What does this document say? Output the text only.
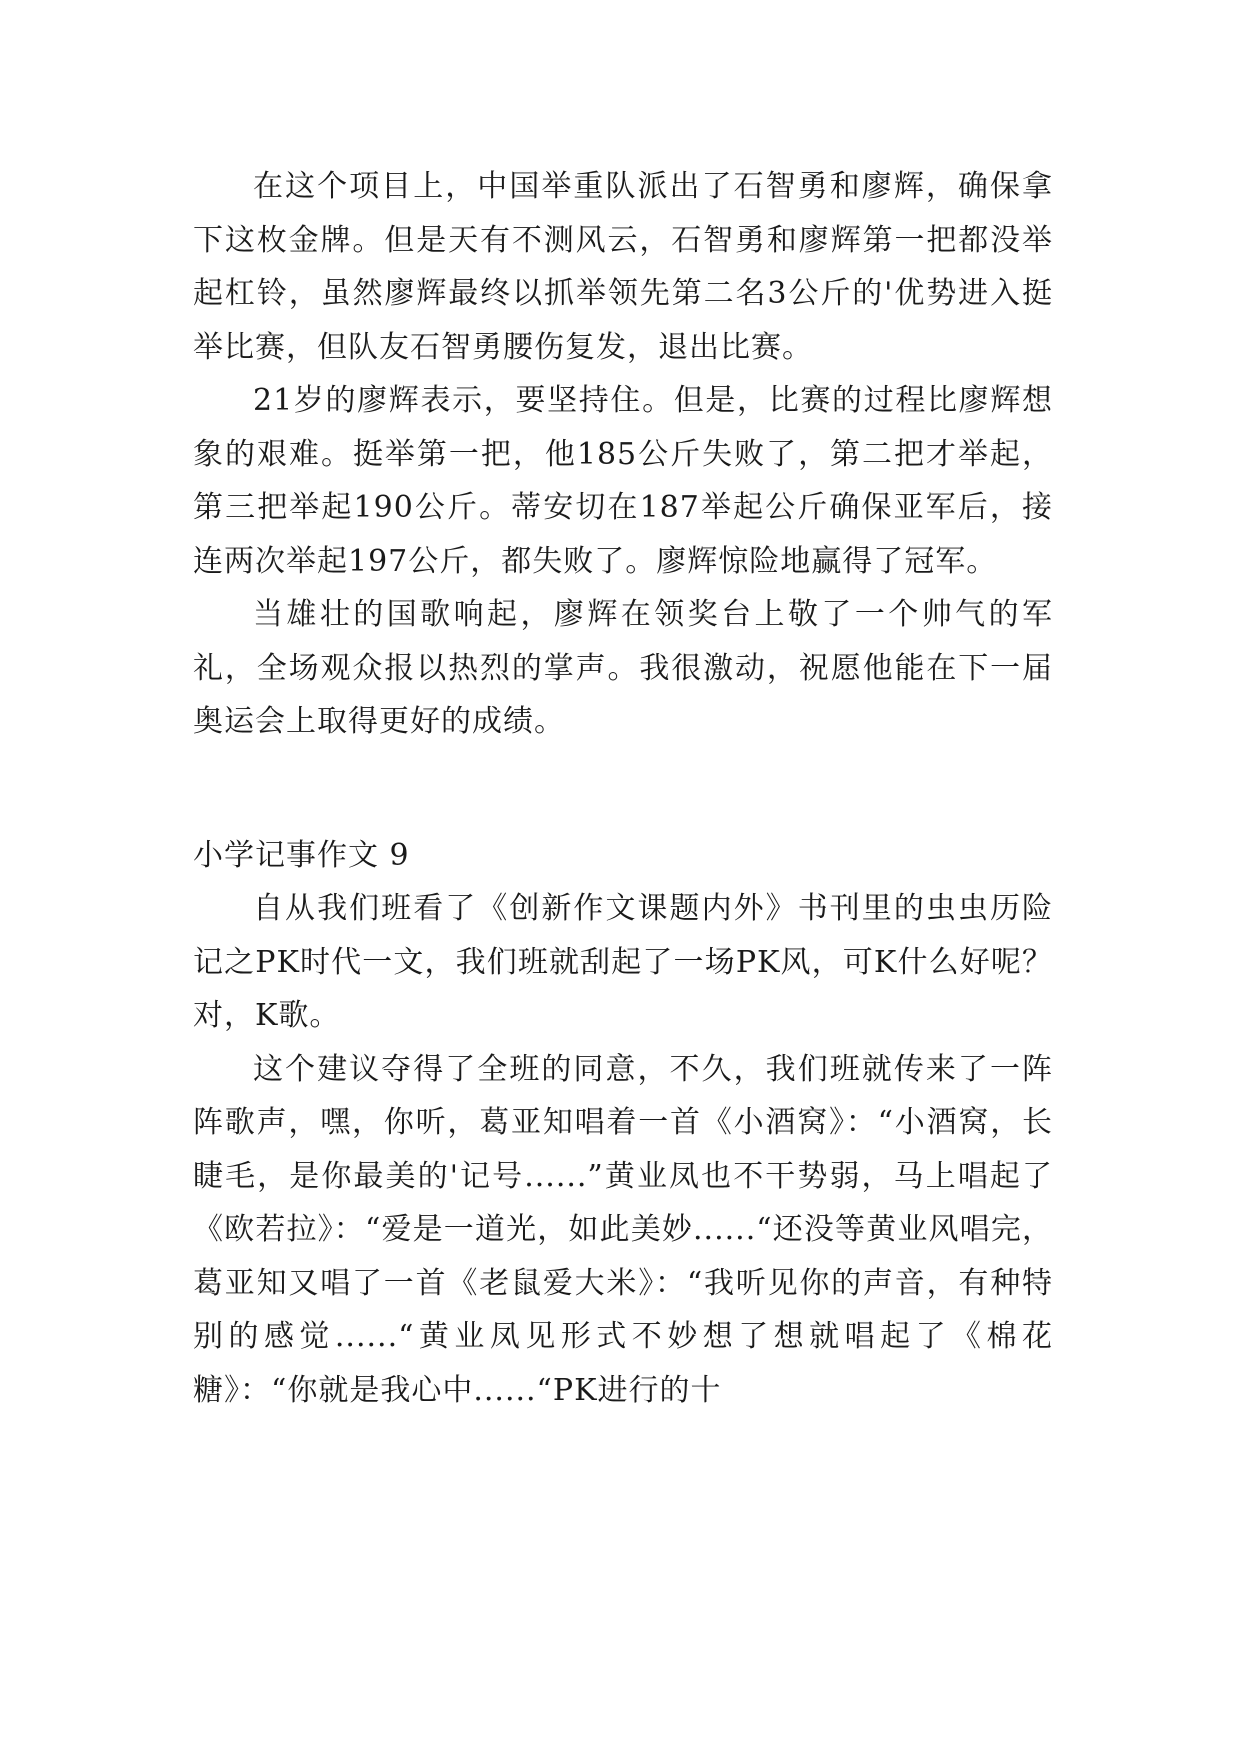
在这个项目上，中国举重队派出了石智勇和廖辉，确保拿下这枚金牌。但是天有不测风云，石智勇和廖辉第一把都没举起杠铃，虽然廖辉最终以抓举领先第二名3公斤的'优势进入挺举比赛，但队友石智勇腰伤复发，退出比赛。

21岁的廖辉表示，要坚持住。但是，比赛的过程比廖辉想象的艰难。挺举第一把，他185公斤失败了，第二把才举起，第三把举起190公斤。蒂安切在187举起公斤确保亚军后，接连两次举起197公斤，都失败了。廖辉惊险地赢得了冠军。

当雄壮的国歌响起，廖辉在领奖台上敬了一个帅气的军礼，全场观众报以热烈的掌声。我很激动，祝愿他能在下一届奥运会上取得更好的成绩。

小学记事作文 9

自从我们班看了《创新作文课题内外》书刊里的虫虫历险记之PK时代一文，我们班就刮起了一场PK风，可K什么好呢？对，K歌。

这个建议夺得了全班的同意，不久，我们班就传来了一阵阵歌声，嘿，你听，葛亚知唱着一首《小酒窝》：“小酒窝，长睫毛，是你最美的'记号......”黄业凤也不干势弱，马上唱起了《欧若拉》：“爱是一道光，如此美妙......“还没等黄业风唱完，葛亚知又唱了一首《老鼠爱大米》：“我听见你的声音，有种特别的感觉......“黄业凤见形式不妙想了想就唱起了《棉花糖》：“你就是我心中......“PK进行的十
